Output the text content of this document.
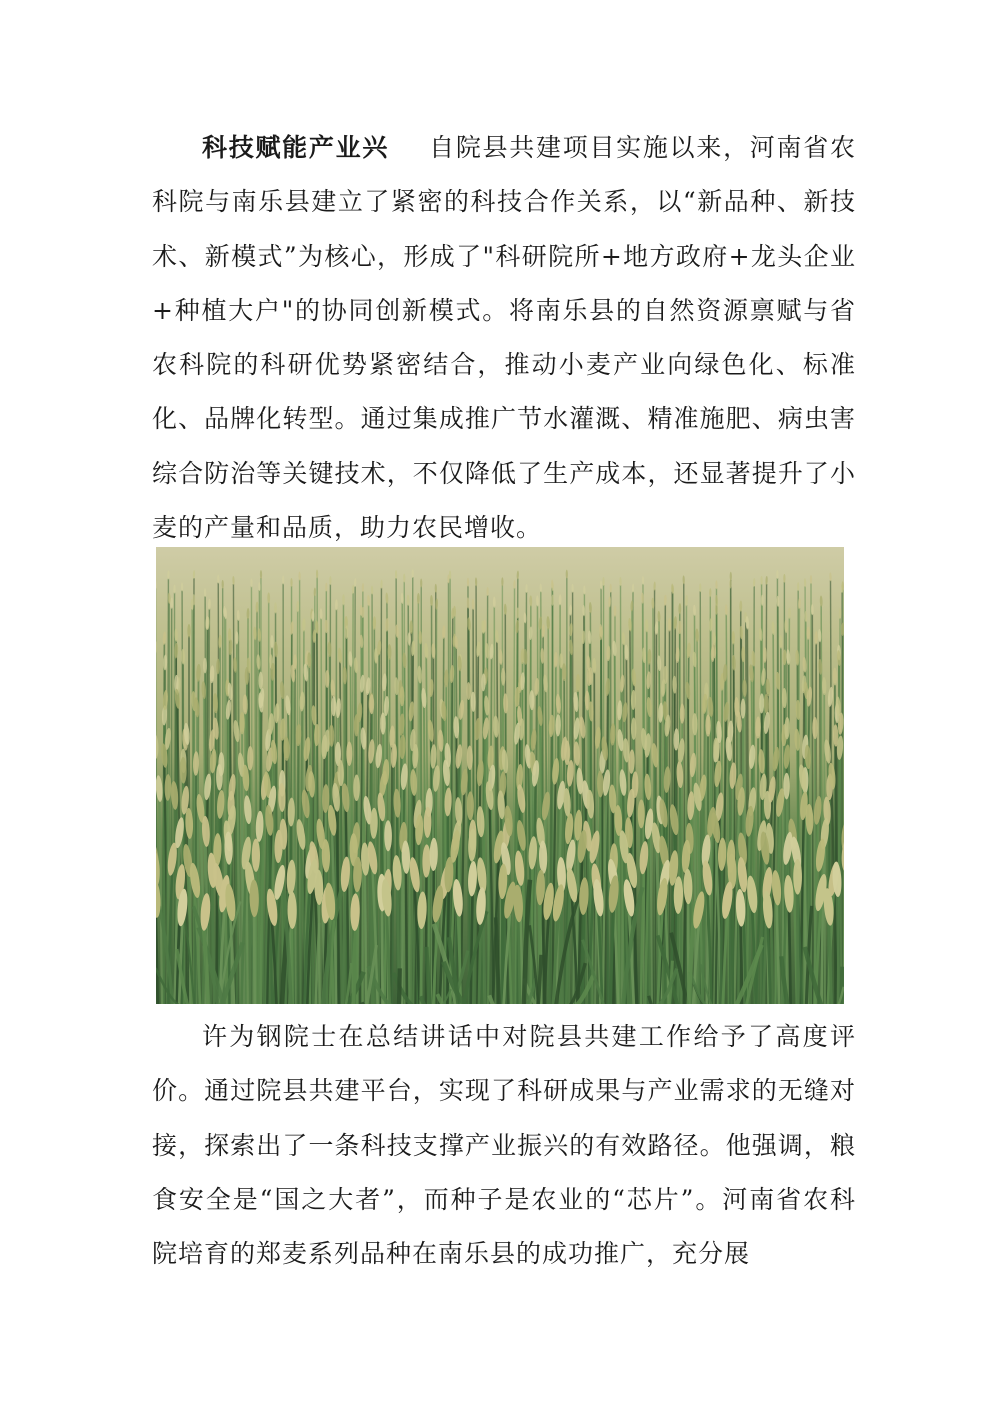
科技赋能产业兴 自院县共建项目实施以来，河南省农科院与南乐县建立了紧密的科技合作关系，以“新品种、新技术、新模式”为核心，形成了"科研院所+地方政府+龙头企业+种植大户"的协同创新模式。将南乐县的自然资源禀赋与省农科院的科研优势紧密结合，推动小麦产业向绿色化、标准化、品牌化转型。通过集成推广节水灌溉、精准施肥、病虫害综合防治等关键技术，不仅降低了生产成本，还显著提升了小麦的产量和品质，助力农民增收。

许为钢院士在总结讲话中对院县共建工作给予了高度评价。通过院县共建平台，实现了科研成果与产业需求的无缝对接，探索出了一条科技支撑产业振兴的有效路径。他强调，粮食安全是“国之大者”，而种子是农业的“芯片”。河南省农科院培育的郑麦系列品种在南乐县的成功推广，充分展
